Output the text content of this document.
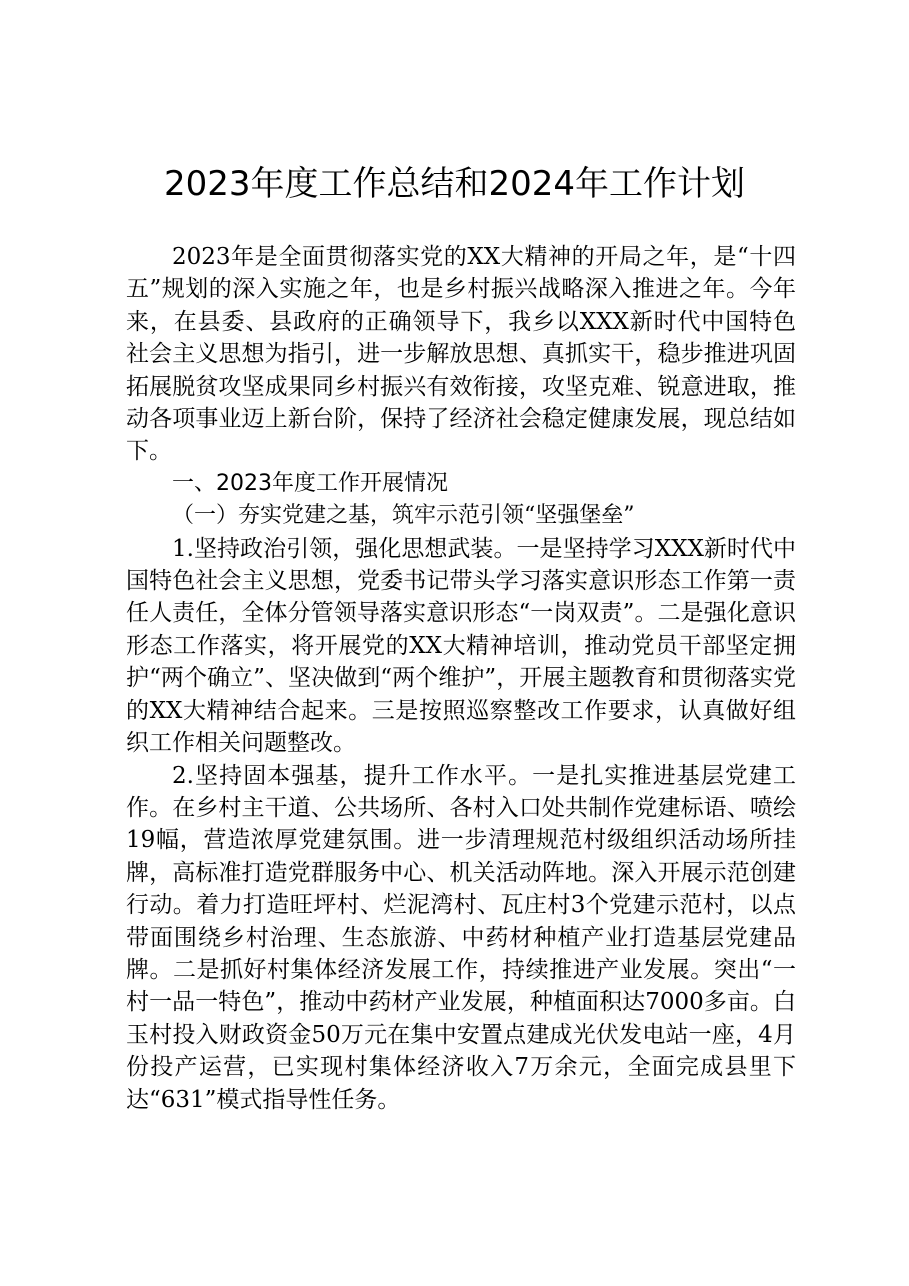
2023年度工作总结和2024年工作计划

2023年是全面贯彻落实党的XX大精神的开局之年，是“十四五”规划的深入实施之年，也是乡村振兴战略深入推进之年。今年来，在县委、县政府的正确领导下，我乡以XXX新时代中国特色社会主义思想为指引，进一步解放思想、真抓实干，稳步推进巩固拓展脱贫攻坚成果同乡村振兴有效衔接，攻坚克难、锐意进取，推动各项事业迈上新台阶，保持了经济社会稳定健康发展，现总结如下。

一、2023年度工作开展情况

（一）夯实党建之基，筑牢示范引领“坚强堡垒”

1.坚持政治引领，强化思想武装。一是坚持学习XXX新时代中国特色社会主义思想，党委书记带头学习落实意识形态工作第一责任人责任，全体分管领导落实意识形态“一岗双责”。二是强化意识形态工作落实，将开展党的XX大精神培训，推动党员干部坚定拥护“两个确立”、坚决做到“两个维护”，开展主题教育和贯彻落实党的XX大精神结合起来。三是按照巡察整改工作要求，认真做好组织工作相关问题整改。

2.坚持固本强基，提升工作水平。一是扎实推进基层党建工作。在乡村主干道、公共场所、各村入口处共制作党建标语、喷绘19幅，营造浓厚党建氛围。进一步清理规范村级组织活动场所挂牌，高标准打造党群服务中心、机关活动阵地。深入开展示范创建行动。着力打造旺坪村、烂泥湾村、瓦庄村3个党建示范村，以点带面围绕乡村治理、生态旅游、中药材种植产业打造基层党建品牌。二是抓好村集体经济发展工作，持续推进产业发展。突出“一村一品一特色”，推动中药材产业发展，种植面积达7000多亩。白玉村投入财政资金50万元在集中安置点建成光伏发电站一座，4月份投产运营，已实现村集体经济收入7万余元，全面完成县里下达“631”模式指导性任务。
